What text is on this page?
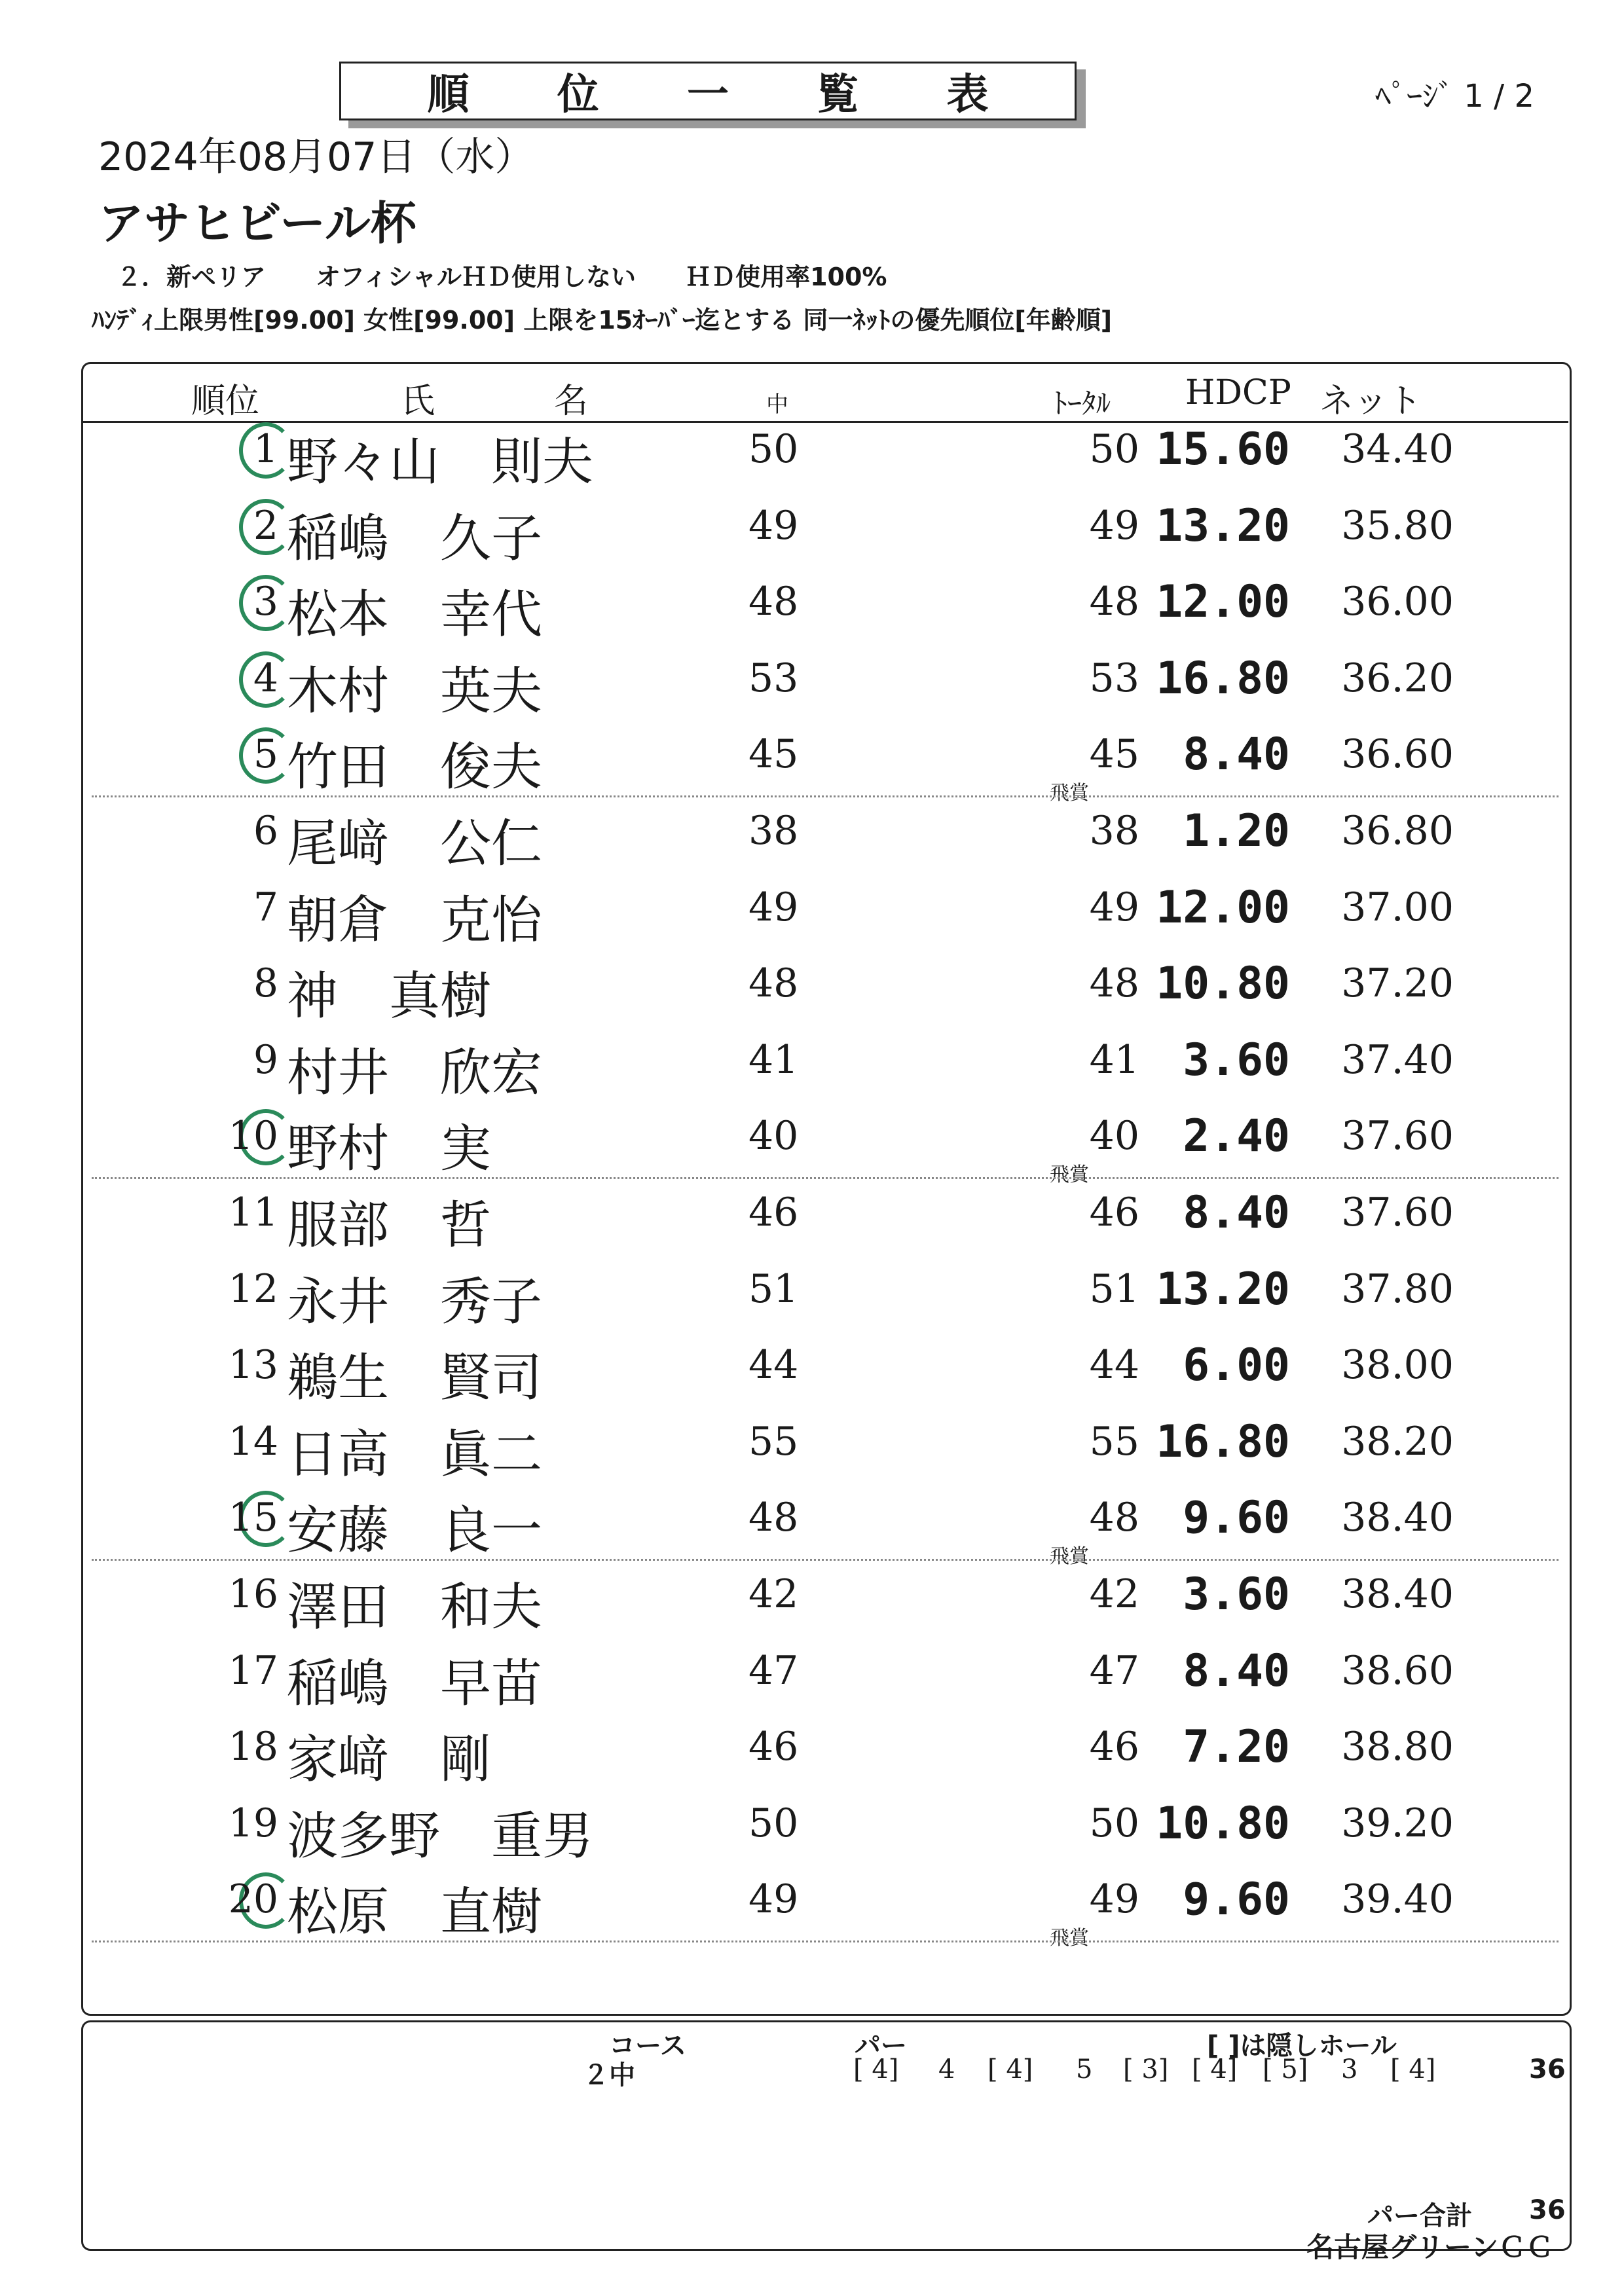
順 位 一 覧 表	ﾍﾟｰｼﾞ 1 / 2
2024年08月07日（水）
アサヒビール杯
２．新ペリア　　オフィシャルＨＤ使用しない　　ＨＤ使用率100%
ﾊﾝﾃﾞｨ上限男性[99.00] 女性[99.00] 上限を15ｵｰﾊﾞｰ迄とする 同一ﾈｯﾄの優先順位[年齢順]
順位	氏	名	中	ﾄｰﾀﾙ HDCP ネット
1 野々山　則夫	50	50 15.60 34.40
2 稲嶋　久子	49	49 13.20 35.80
3 松本　幸代	48	48 12.00 36.00
4 木村　英夫	53	53 16.80 36.20
5 竹田　俊夫	45	45 8.40 36.60
飛賞
6 尾﨑　公仁	38	38 1.20 36.80
7 朝倉　克怡	49	49 12.00 37.00
8 神　真樹	48	48 10.80 37.20
9 村井　欣宏	41	41 3.60 37.40
10 野村　実	40	40 2.40 37.60
飛賞
11 服部　哲	46	46 8.40 37.60
12 永井　秀子	51	51 13.20 37.80
13 鵜生　賢司	44	44 6.00 38.00
14 日高　眞二	55	55 16.80 38.20
15 安藤　良一	48	48 9.60 38.40
飛賞
16 澤田　和夫	42	42 3.60 38.40
17 稲嶋　早苗	47	47 8.40 38.60
18 家﨑　剛	46	46 7.20 38.80
19 波多野　重男	50	50 10.80 39.20
20 松原　直樹	49	49 9.60 39.40
飛賞
コース	パー	[ ]は隠しホール
２中	[ 4] 4 [ 4] 5 [ 3] [ 4] [ 5] 3 [ 4]	36
パー合計 36
名古屋グリーンＣＣ
